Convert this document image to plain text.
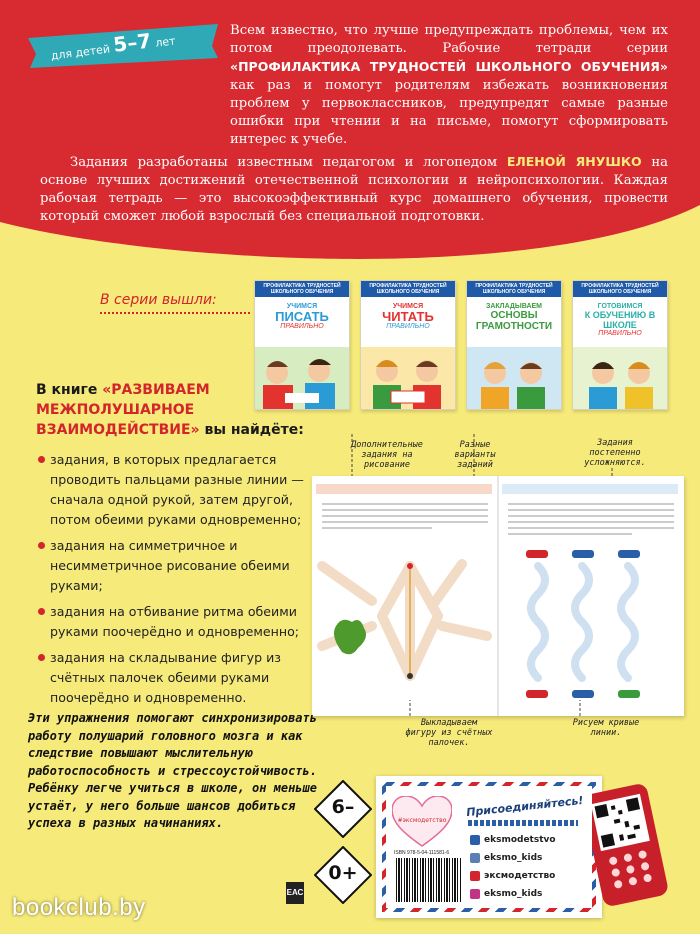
для детей5–7 лет

Всем известно, что лучше предупреждать проблемы, чем их потом преодолевать. Рабочие тетради серии «ПРОФИЛАКТИКА ТРУДНОСТЕЙ ШКОЛЬНОГО ОБУЧЕНИЯ» как раз и помогут родителям избежать возникновения проблем у первоклассников, предупредят самые разные ошибки при чтении и на письме, помогут сформировать интерес к учебе.

Задания разработаны известным педагогом и логопедом ЕЛЕНОЙ ЯНУШКО на основе лучших достижений отечественной психологии и нейропсихологии. Каждая рабочая тетрадь — это высокоэффективный курс домашнего обучения, провести который сможет любой взрослый без специальной подготовки.

В серии вышли:
ПРОФИЛАКТИКА ТРУДНОСТЕЙ ШКОЛЬНОГО ОБУЧЕНИЯ
УЧИМСЯ
ПИСАТЬ
ПРАВИЛЬНО
ПРОФИЛАКТИКА ТРУДНОСТЕЙ ШКОЛЬНОГО ОБУЧЕНИЯ
УЧИМСЯ
ЧИТАТЬ
ПРАВИЛЬНО
ПРОФИЛАКТИКА ТРУДНОСТЕЙ ШКОЛЬНОГО ОБУЧЕНИЯ
ЗАКЛАДЫВАЕМ
ОСНОВЫ ГРАМОТНОСТИ
ПРОФИЛАКТИКА ТРУДНОСТЕЙ ШКОЛЬНОГО ОБУЧЕНИЯ
ГОТОВИМСЯ
К ОБУЧЕНИЮ В ШКОЛЕ
ПРАВИЛЬНО
В книге «РАЗВИВАЕМ МЕЖПОЛУШАРНОЕ ВЗАИМОДЕЙСТВИЕ» вы найдёте:
задания, в которых предлагается проводить пальцами разные линии — сначала одной рукой, затем другой, потом обеими руками одновременно;
задания на симметричное и несимметричное рисование обеими руками;
задания на отбивание ритма обеими руками поочерёдно и одновременно;
задания на складывание фигур из счётных палочек обеими руками поочерёдно и одновременно.
Дополнительные задания на рисование
Разные варианты заданий
Задания постепенно усложняются.
Выкладываем фигуру из счётных палочек.
Рисуем кривые линии.
Эти упражнения помогают синхронизировать работу полушарий головного мозга и как следствие повышают мыслительную работоспособность и стрессоустойчивость. Ребёнку легче учиться в школе, он меньше устаёт, у него больше шансов добиться успеха в разных начинаниях.
6–
0+
ЕАС
#эксмодетство
Присоединяйтесь!
ISBN 978-5-04-111581-6
eksmodetstvo
eksmo_kids
эксмодетство
eksmo_kids
bookclub.by
